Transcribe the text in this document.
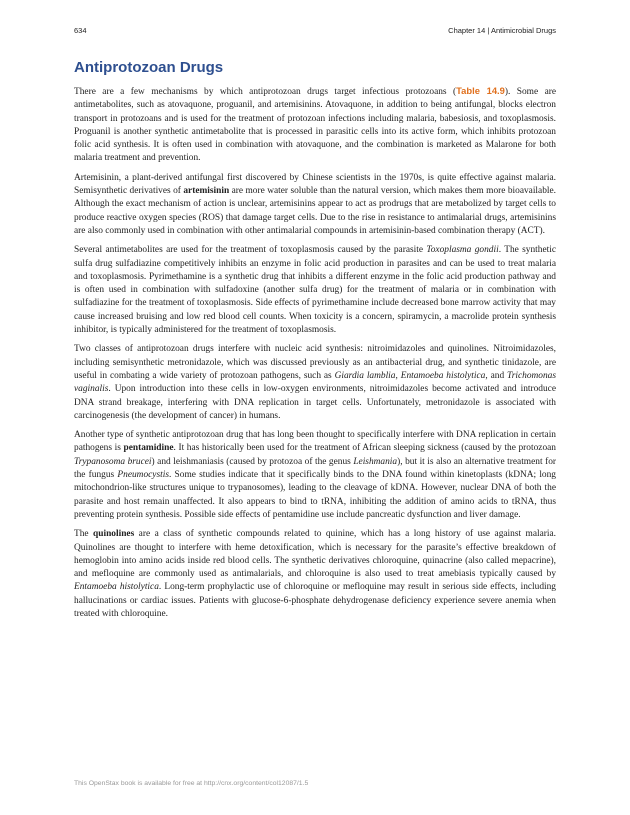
634	Chapter 14 | Antimicrobial Drugs
Antiprotozoan Drugs

There are a few mechanisms by which antiprotozoan drugs target infectious protozoans (Table 14.9). Some are antimetabolites, such as atovaquone, proguanil, and artemisinins. Atovaquone, in addition to being antifungal, blocks electron transport in protozoans and is used for the treatment of protozoan infections including malaria, babesiosis, and toxoplasmosis. Proguanil is another synthetic antimetabolite that is processed in parasitic cells into its active form, which inhibits protozoan folic acid synthesis. It is often used in combination with atovaquone, and the combination is marketed as Malarone for both malaria treatment and prevention.

Artemisinin, a plant-derived antifungal first discovered by Chinese scientists in the 1970s, is quite effective against malaria. Semisynthetic derivatives of artemisinin are more water soluble than the natural version, which makes them more bioavailable. Although the exact mechanism of action is unclear, artemisinins appear to act as prodrugs that are metabolized by target cells to produce reactive oxygen species (ROS) that damage target cells. Due to the rise in resistance to antimalarial drugs, artemisinins are also commonly used in combination with other antimalarial compounds in artemisinin-based combination therapy (ACT).

Several antimetabolites are used for the treatment of toxoplasmosis caused by the parasite Toxoplasma gondii. The synthetic sulfa drug sulfadiazine competitively inhibits an enzyme in folic acid production in parasites and can be used to treat malaria and toxoplasmosis. Pyrimethamine is a synthetic drug that inhibits a different enzyme in the folic acid production pathway and is often used in combination with sulfadoxine (another sulfa drug) for the treatment of malaria or in combination with sulfadiazine for the treatment of toxoplasmosis. Side effects of pyrimethamine include decreased bone marrow activity that may cause increased bruising and low red blood cell counts. When toxicity is a concern, spiramycin, a macrolide protein synthesis inhibitor, is typically administered for the treatment of toxoplasmosis.

Two classes of antiprotozoan drugs interfere with nucleic acid synthesis: nitroimidazoles and quinolines. Nitroimidazoles, including semisynthetic metronidazole, which was discussed previously as an antibacterial drug, and synthetic tinidazole, are useful in combating a wide variety of protozoan pathogens, such as Giardia lamblia, Entamoeba histolytica, and Trichomonas vaginalis. Upon introduction into these cells in low-oxygen environments, nitroimidazoles become activated and introduce DNA strand breakage, interfering with DNA replication in target cells. Unfortunately, metronidazole is associated with carcinogenesis (the development of cancer) in humans.

Another type of synthetic antiprotozoan drug that has long been thought to specifically interfere with DNA replication in certain pathogens is pentamidine. It has historically been used for the treatment of African sleeping sickness (caused by the protozoan Trypanosoma brucei) and leishmaniasis (caused by protozoa of the genus Leishmania), but it is also an alternative treatment for the fungus Pneumocystis. Some studies indicate that it specifically binds to the DNA found within kinetoplasts (kDNA; long mitochondrion-like structures unique to trypanosomes), leading to the cleavage of kDNA. However, nuclear DNA of both the parasite and host remain unaffected. It also appears to bind to tRNA, inhibiting the addition of amino acids to tRNA, thus preventing protein synthesis. Possible side effects of pentamidine use include pancreatic dysfunction and liver damage.

The quinolines are a class of synthetic compounds related to quinine, which has a long history of use against malaria. Quinolines are thought to interfere with heme detoxification, which is necessary for the parasite’s effective breakdown of hemoglobin into amino acids inside red blood cells. The synthetic derivatives chloroquine, quinacrine (also called mepacrine), and mefloquine are commonly used as antimalarials, and chloroquine is also used to treat amebiasis typically caused by Entamoeba histolytica. Long-term prophylactic use of chloroquine or mefloquine may result in serious side effects, including hallucinations or cardiac issues. Patients with glucose-6-phosphate dehydrogenase deficiency experience severe anemia when treated with chloroquine.

This OpenStax book is available for free at http://cnx.org/content/col12087/1.5
